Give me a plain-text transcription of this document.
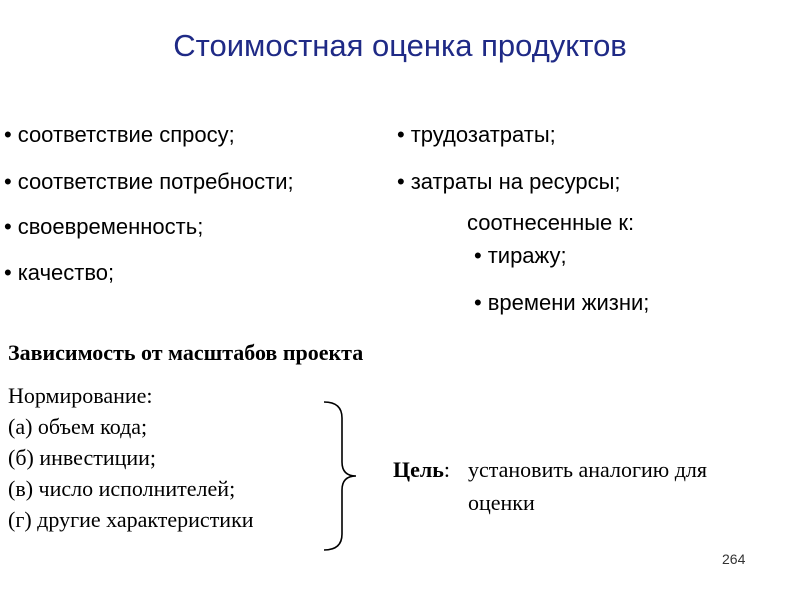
Стоимостная оценка продуктов
• соответствие спросу;
• соответствие потребности;
• своевременность;
• качество;
• трудозатраты;
• затраты на ресурсы;
соотнесенные к:
• тиражу;
• времени жизни;
Зависимость от масштабов проекта
Нормирование:
(а) объем кода;
(б) инвестиции;
(в) число исполнителей;
(г) другие характеристики
Цель: установить аналогию для оценки
264
